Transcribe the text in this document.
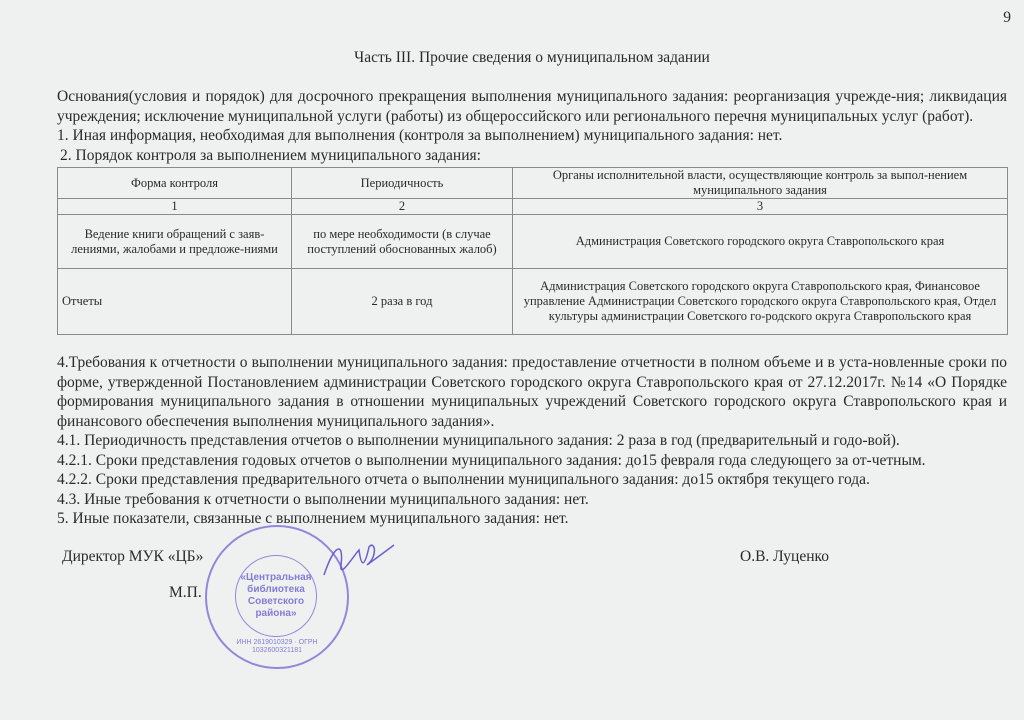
9
Часть III. Прочие сведения о муниципальном задании
Основания(условия и порядок) для досрочного прекращения выполнения муниципального задания: реорганизация учрежде-ния; ликвидация учреждения; исключение муниципальной услуги (работы) из общероссийского или регионального перечня муниципальных услуг (работ).
1. Иная информация, необходимая для выполнения (контроля за выполнением) муниципального задания: нет.
2. Порядок контроля за выполнением муниципального задания:
Форма контроля	Периодичность	Органы исполнительной власти, осуществляющие контроль за выпол-нением муниципального задания
1	2	3
Ведение книги обращений с заяв-лениями, жалобами и предложе-ниями	по мере необходимости (в случае поступлений обоснованных жалоб)	Администрация Советского городского округа Ставропольского края
Отчеты	2 раза в год	Администрация Советского городского округа Ставропольского края, Финансовое управление Администрации Советского городского округа Ставропольского края, Отдел культуры администрации Советского го-родского округа Ставропольского края
4.Требования к отчетности о выполнении муниципального задания: предоставление отчетности в полном объеме и в уста-новленные сроки по форме, утвержденной Постановлением администрации Советского городского округа Ставропольского края от 27.12.2017г. №14 «О Порядке формирования муниципального задания в отношении муниципальных учреждений Советского городского округа Ставропольского края и финансового обеспечения выполнения муниципального задания».
4.1. Периодичность представления отчетов о выполнении муниципального задания: 2 раза в год (предварительный и годо-вой).
4.2.1. Сроки представления годовых отчетов о выполнении муниципального задания: до15 февраля года следующего за от-четным.
4.2.2. Сроки представления предварительного отчета о выполнении муниципального задания: до15 октября текущего года.
4.3. Иные требования к отчетности о выполнении муниципального задания: нет.
5. Иные показатели, связанные с выполнением муниципального задания: нет.
Директор МУК «ЦБ»	О.В. Луценко
«Центральная библиотека Советского района»
ИНН 2619010329 · ОГРН 1032600321181
М.П.
